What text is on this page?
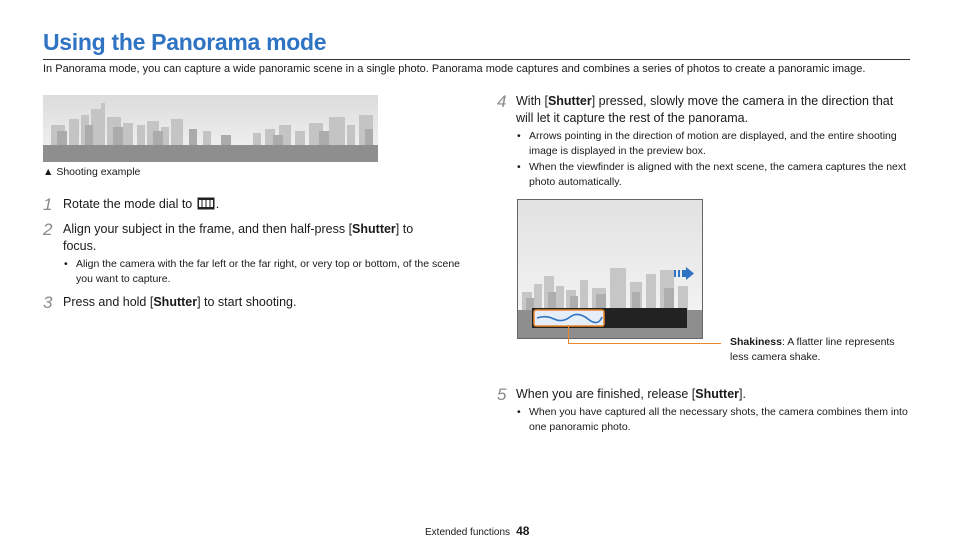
Using the Panorama mode
In Panorama mode, you can capture a wide panoramic scene in a single photo. Panorama mode captures and combines a series of photos to create a panoramic image.
▲ Shooting example
1 Rotate the mode dial to .
2 Align your subject in the frame, and then half-press [Shutter] to focus.
• Align the camera with the far left or the far right, or very top or bottom, of the scene you want to capture.
3 Press and hold [Shutter] to start shooting.
4 With [Shutter] pressed, slowly move the camera in the direction that will let it capture the rest of the panorama.
• Arrows pointing in the direction of motion are displayed, and the entire shooting image is displayed in the preview box.
• When the viewfinder is aligned with the next scene, the camera captures the next photo automatically.
Shakiness: A flatter line represents less camera shake.
5 When you are finished, release [Shutter].
• When you have captured all the necessary shots, the camera combines them into one panoramic photo.
Extended functions 48
